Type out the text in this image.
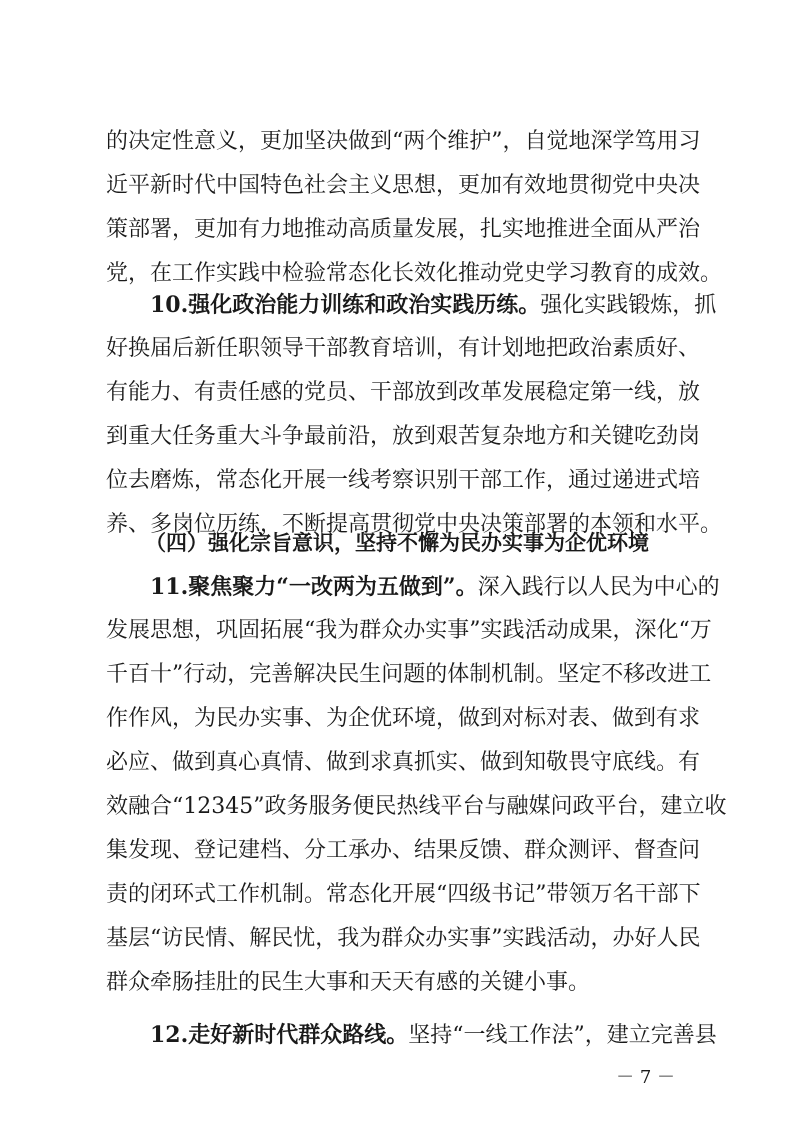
的决定性意义，更加坚决做到“两个维护”，自觉地深学笃用习
近平新时代中国特色社会主义思想，更加有效地贯彻党中央决
策部署，更加有力地推动高质量发展，扎实地推进全面从严治
党，在工作实践中检验常态化长效化推动党史学习教育的成效。
10.强化政治能力训练和政治实践历练。强化实践锻炼，抓
好换届后新任职领导干部教育培训，有计划地把政治素质好、
有能力、有责任感的党员、干部放到改革发展稳定第一线，放
到重大任务重大斗争最前沿，放到艰苦复杂地方和关键吃劲岗
位去磨炼，常态化开展一线考察识别干部工作，通过递进式培
养、多岗位历练，不断提高贯彻党中央决策部署的本领和水平。
（四）强化宗旨意识，坚持不懈为民办实事为企优环境
11.聚焦聚力“一改两为五做到”。深入践行以人民为中心的
发展思想，巩固拓展“我为群众办实事”实践活动成果，深化“万
千百十”行动，完善解决民生问题的体制机制。坚定不移改进工
作作风，为民办实事、为企优环境，做到对标对表、做到有求
必应、做到真心真情、做到求真抓实、做到知敬畏守底线。有
效融合“12345”政务服务便民热线平台与融媒问政平台，建立收
集发现、登记建档、分工承办、结果反馈、群众测评、督查问
责的闭环式工作机制。常态化开展“四级书记”带领万名干部下
基层“访民情、解民忧，我为群众办实事”实践活动，办好人民
群众牵肠挂肚的民生大事和天天有感的关键小事。
12.走好新时代群众路线。坚持“一线工作法”，建立完善县
－ 7 －
